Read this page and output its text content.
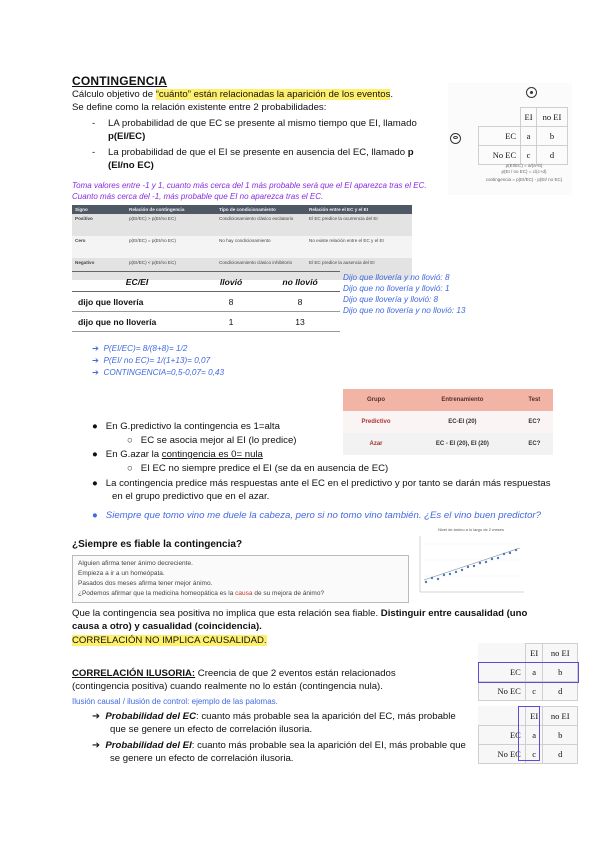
CONTINGENCIA
Cálculo objetivo de “cuánto” están relacionadas la aparición de los eventos.
Se define como la relación existente entre 2 probabilidades:
- LA probabilidad de que EC se presente al mismo tiempo que EI, llamado p(EI/EC)
- La probabilidad de que el EI se presente en ausencia del EC, llamado p (EI/no EC)
Toma valores entre -1 y 1, cuanto más cerca del 1 más probable será que el EI aparezca tras el EC. Cuanto más cerca del -1, más probable que EI no aparezca tras el EC.
	EI	no EI
EC	a	b
No EC	c	d
p(EI/EC) = a/(a+b)
p(EI / no EC) = c/(c+d)
contingencia = p(EI/EC) - p(EI/ no EC)
Signo	Relación de contingencia	Tipo de condicionamiento	Relación entre el EC y el EI
Positivo	p(EI/EC) > p(EI/no EC)	Condicionamiento clásico excitatorio	El EC predice la ocurrencia del EI
Cero	p(EI/EC) = p(EI/no EC)	No hay condicionamiento	No existe relación entre el EC y el EI
Negativo	p(EI/EC) < p(EI/no EC)	Condicionamiento clásico inhibitorio	El EC predice la ausencia del EI
EC/EI	llovió	no llovió
dijo que llovería	8	8
dijo que no llovería	1	13
Dijo que llovería y no llovió: 8
Dijo que no llovería y llovió: 1
Dijo que llovería y llovió: 8
Dijo que no llovería y no llovió: 13
➔ P(EI/EC)= 8/(8+8)= 1/2
➔ P(EI/ no EC)= 1/(1+13)= 0,07
➔ CONTINGENCIA=0,5-0,07= 0,43
Grupo	Entrenamiento	Test
Predictivo	EC-EI (20)	EC?
Azar	EC - EI (20), EI (20)	EC?
●   En G.predictivo la contingencia es 1=alta
○   EC se asocia mejor al EI (lo predice)
●   En G.azar la contingencia es 0= nula
○   EI EC no siempre predice el EI (se da en ausencia de EC)
●   La contingencia predice más respuestas ante el EC en el predictivo y por tanto se darán más respuestas en el grupo predictivo que en el azar.
● Siempre que tomo vino me duele la cabeza, pero si no tomo vino también. ¿Es el vino buen predictor?
¿Siempre es fiable la contingencia?
Alguien afirma tener ánimo decreciente.
Empieza a ir a un homeópata.
Pasados dos meses afirma tener mejor ánimo.
¿Podemos afirmar que la medicina homeopática es la causa de su mejora de ánimo?
Nivel de ánimo a lo largo de 2 meses
Que la contingencia sea positiva no implica que esta relación sea fiable. Distinguir entre causalidad (uno causa a otro) y casualidad (coincidencia).
CORRELACIÓN NO IMPLICA CAUSALIDAD.
CORRELACIÓN ILUSORIA: Creencia de que 2 eventos están relacionados (contingencia positiva) cuando realmente no lo están (contingencia nula).
Ilusión causal / ilusión de control: ejemplo de las palomas.
➔ Probabilidad del EC: cuanto más probable sea la aparición del EC, más probable que se genere un efecto de correlación ilusoria.
➔ Probabilidad del EI: cuanto más probable sea la aparición del EI, más probable que se genere un efecto de correlación ilusoria.
	EI	no EI
EC	a	b
No EC	c	d
	EI	no EI
EC	a	b
No EC	c	d
